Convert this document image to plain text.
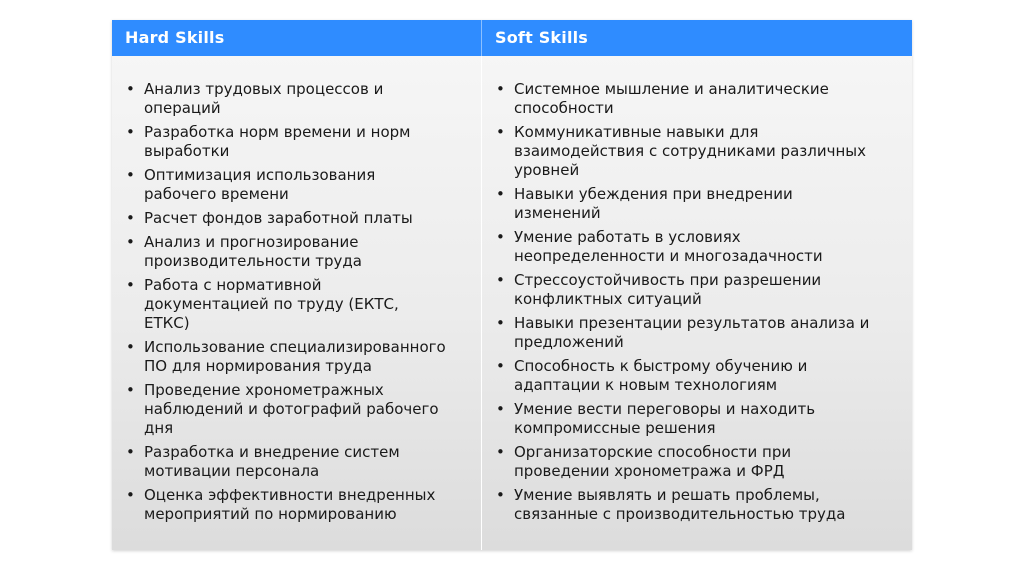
Hard Skills	Soft Skills
• Анализ трудовых процессов и
операций
• Разработка норм времени и норм
выработки
• Оптимизация использования
рабочего времени
• Расчет фондов заработной платы
• Анализ и прогнозирование
производительности труда
• Работа с нормативной
документацией по труду (ЕКТС,
ЕТКС)
• Использование специализированного
ПО для нормирования труда
• Проведение хронометражных
наблюдений и фотографий рабочего
дня
• Разработка и внедрение систем
мотивации персонала
• Оценка эффективности внедренных
мероприятий по нормированию
• Системное мышление и аналитические
способности
• Коммуникативные навыки для
взаимодействия с сотрудниками различных
уровней
• Навыки убеждения при внедрении
изменений
• Умение работать в условиях
неопределенности и многозадачности
• Стрессоустойчивость при разрешении
конфликтных ситуаций
• Навыки презентации результатов анализа и
предложений
• Способность к быстрому обучению и
адаптации к новым технологиям
• Умение вести переговоры и находить
компромиссные решения
• Организаторские способности при
проведении хронометража и ФРД
• Умение выявлять и решать проблемы,
связанные с производительностью труда
